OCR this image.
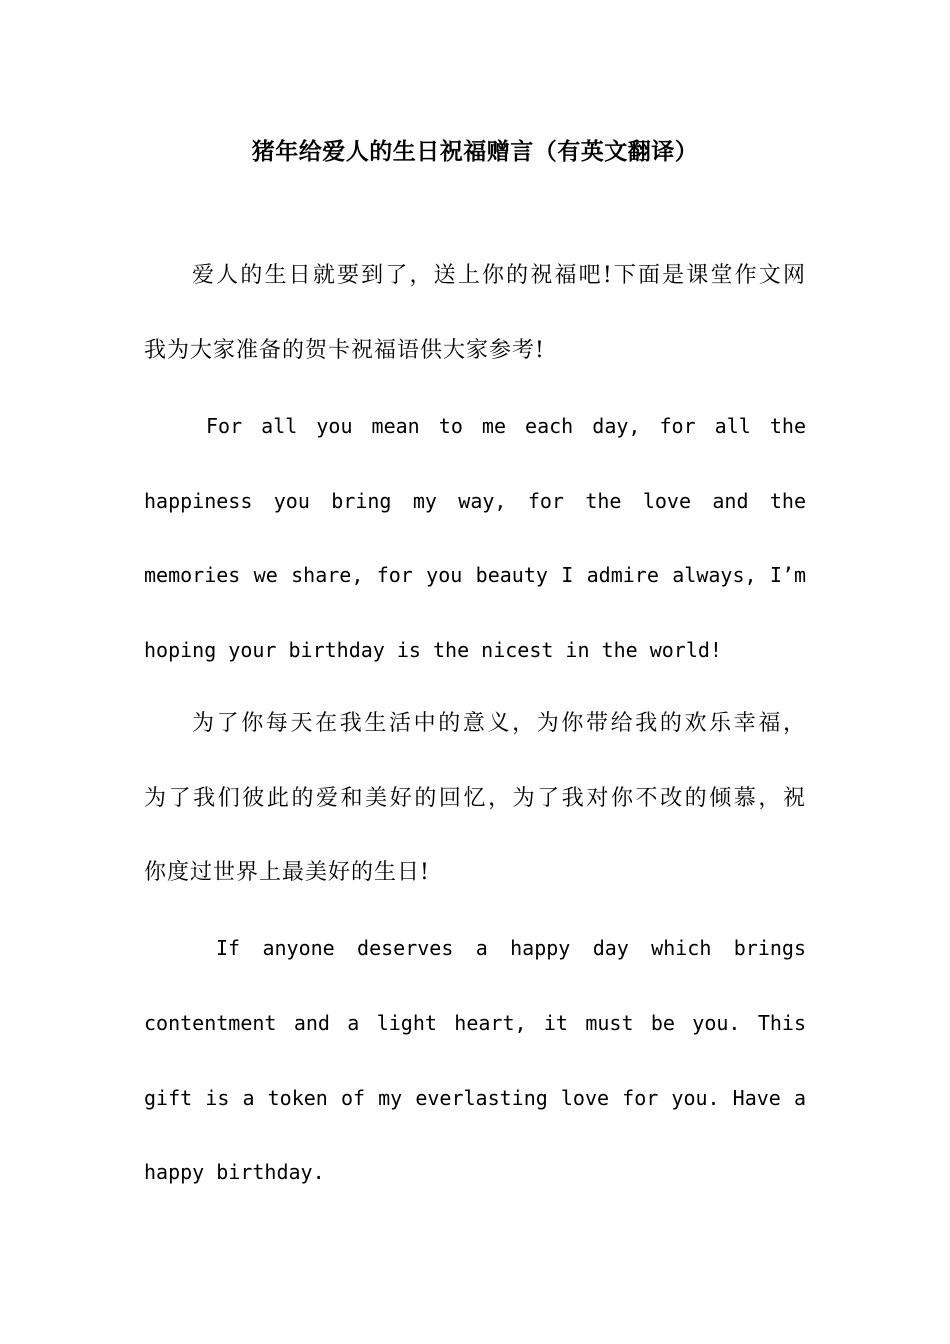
猪年给爱人的生日祝福赠言（有英文翻译）
爱人的生日就要到了，送上你的祝福吧!下面是课堂作文网
我为大家准备的贺卡祝福语供大家参考!
For all you mean to me each day, for all the
happiness you bring my way, for the love and the
memories we share, for you beauty I admire always, I’m
hoping your birthday is the nicest in the world!
为了你每天在我生活中的意义，为你带给我的欢乐幸福，
为了我们彼此的爱和美好的回忆，为了我对你不改的倾慕，祝
你度过世界上最美好的生日!
If anyone deserves a happy day which brings
contentment and a light heart, it must be you. This
gift is a token of my everlasting love for you. Have a
happy birthday.
